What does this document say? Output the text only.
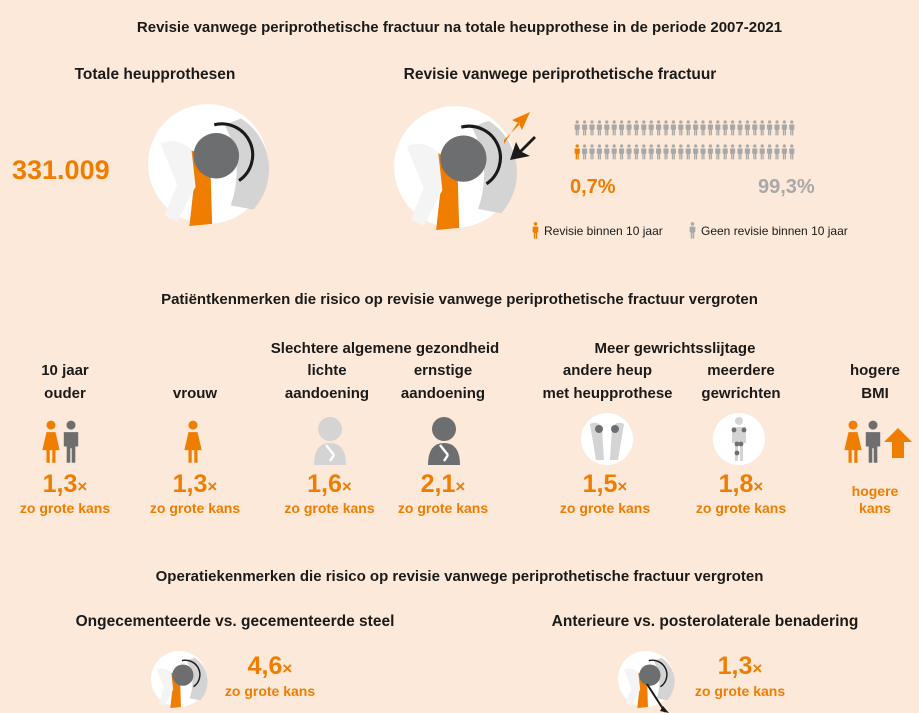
Revisie vanwege periprothetische fractuur na totale heupprothese in de periode 2007-2021
Totale heupprothesen
331.009
Revisie vanwege periprothetische fractuur
0,7%	99,3%
Revisie binnen 10 jaar	Geen revisie binnen 10 jaar
Patiëntkenmerken die risico op revisie vanwege periprothetische fractuur vergroten
Slechtere algemene gezondheid	Meer gewrichtsslijtage
10 jaar
ouder
1,3×
zo grote kans
vrouw
1,3×
zo grote kans
lichte
aandoening
1,6×
zo grote kans
ernstige
aandoening
2,1×
zo grote kans
andere heup
met heupprothese
1,5×
zo grote kans
meerdere
gewrichten
1,8×
zo grote kans
hogere
BMI
hogere
kans
Operatiekenmerken die risico op revisie vanwege periprothetische fractuur vergroten
Ongecementeerde vs. gecementeerde steel
4,6×
zo grote kans
Anterieure vs. posterolaterale benadering
1,3×
zo grote kans
